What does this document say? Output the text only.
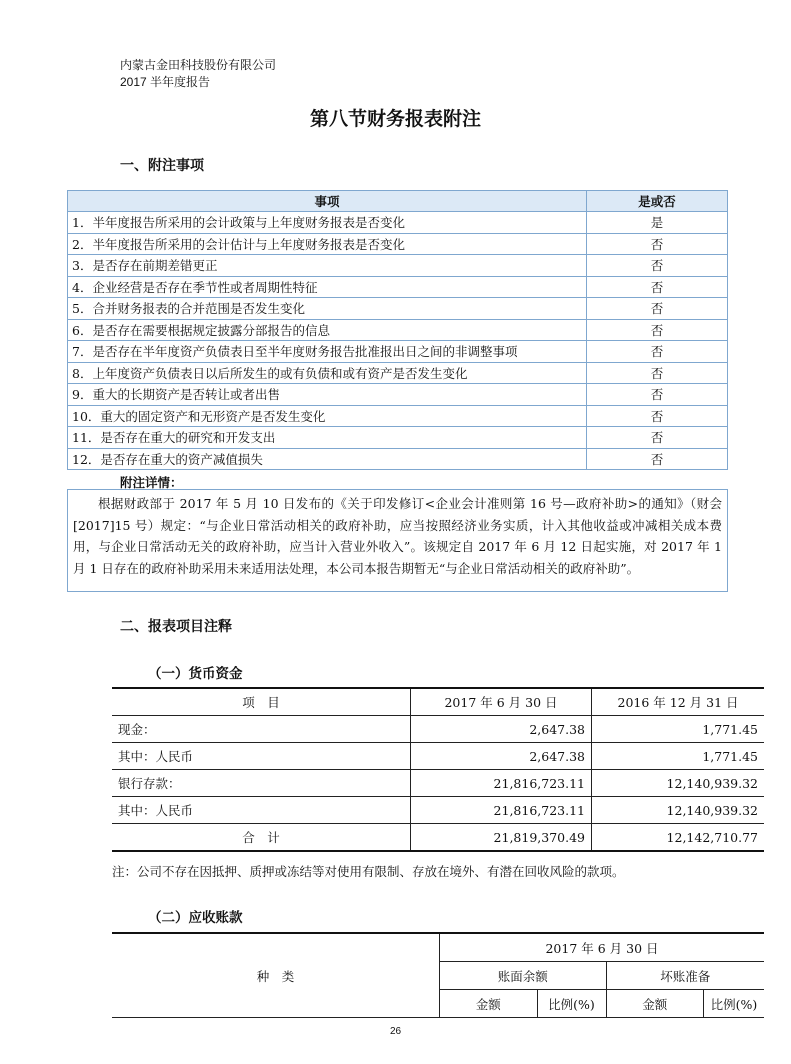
内蒙古金田科技股份有限公司
2017 半年度报告
第八节财务报表附注
一、附注事项
事项	是或否
1．半年度报告所采用的会计政策与上年度财务报表是否变化	是
2．半年度报告所采用的会计估计与上年度财务报表是否变化	否
3．是否存在前期差错更正	否
4．企业经营是否存在季节性或者周期性特征	否
5．合并财务报表的合并范围是否发生变化	否
6．是否存在需要根据规定披露分部报告的信息	否
7．是否存在半年度资产负债表日至半年度财务报告批准报出日之间的非调整事项	否
8．上年度资产负债表日以后所发生的或有负债和或有资产是否发生变化	否
9．重大的长期资产是否转让或者出售	否
10．重大的固定资产和无形资产是否发生变化	否
11．是否存在重大的研究和开发支出	否
12．是否存在重大的资产减值损失	否
附注详情：
根据财政部于 2017 年 5 月 10 日发布的《关于印发修订<企业会计准则第 16 号—政府补助>的通知》（财会[2017]15 号）规定：“与企业日常活动相关的政府补助，应当按照经济业务实质，计入其他收益或冲减相关成本费用，与企业日常活动无关的政府补助，应当计入营业外收入”。该规定自 2017 年 6 月 12 日起实施，对 2017 年 1 月 1 日存在的政府补助采用未来适用法处理，本公司本报告期暂无“与企业日常活动相关的政府补助”。
二、报表项目注释
（一）货币资金
项　目	2017 年 6 月 30 日	2016 年 12 月 31 日
现金：	2,647.38	1,771.45
其中：人民币	2,647.38	1,771.45
银行存款：	21,816,723.11	12,140,939.32
其中：人民币	21,816,723.11	12,140,939.32
合　计	21,819,370.49	12,142,710.77
注：公司不存在因抵押、质押或冻结等对使用有限制、存放在境外、有潜在回收风险的款项。
（二）应收账款
种　类	2017 年 6 月 30 日			
	账面余额		坏账准备	
	金额	比例(%)	金额	比例(%)
26
